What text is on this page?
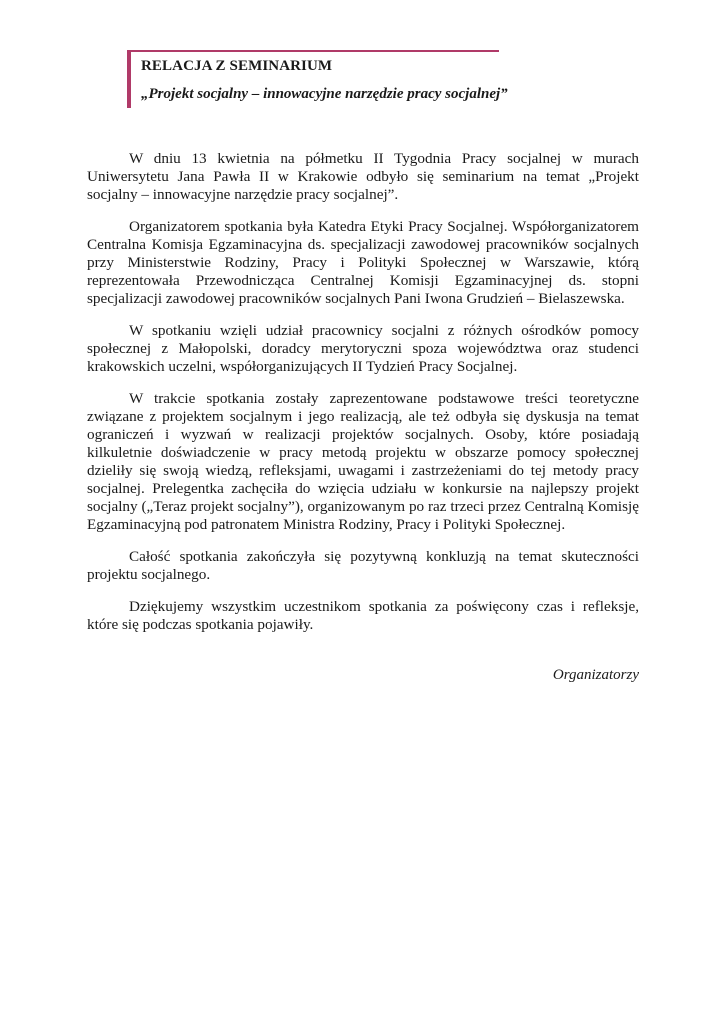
RELACJA Z SEMINARIUM
„Projekt socjalny – innowacyjne narzędzie pracy socjalnej”

W dniu 13 kwietnia na półmetku II Tygodnia Pracy socjalnej w murach Uniwersytetu Jana Pawła II w Krakowie odbyło się seminarium na temat „Projekt socjalny – innowacyjne narzędzie pracy socjalnej”.

Organizatorem spotkania była Katedra Etyki Pracy Socjalnej. Współorganizatorem Centralna Komisja Egzaminacyjna ds. specjalizacji zawodowej pracowników socjalnych przy Ministerstwie Rodziny, Pracy i Polityki Społecznej w Warszawie, którą reprezentowała Przewodnicząca Centralnej Komisji Egzaminacyjnej ds. stopni specjalizacji zawodowej pracowników socjalnych Pani Iwona Grudzień – Bielaszewska.

W spotkaniu wzięli udział pracownicy socjalni z różnych ośrodków pomocy społecznej z Małopolski, doradcy merytoryczni spoza województwa oraz studenci krakowskich uczelni, współorganizujących II Tydzień Pracy Socjalnej.

W trakcie spotkania zostały zaprezentowane podstawowe treści teoretyczne związane z projektem socjalnym i jego realizacją, ale też odbyła się dyskusja na temat ograniczeń i wyzwań w realizacji projektów socjalnych. Osoby, które posiadają kilkuletnie doświadczenie w pracy metodą projektu w obszarze pomocy społecznej dzieliły się swoją wiedzą, refleksjami, uwagami i zastrzeżeniami do tej metody pracy socjalnej. Prelegentka zachęciła do wzięcia udziału w konkursie na najlepszy projekt socjalny („Teraz projekt socjalny”), organizowanym po raz trzeci przez Centralną Komisję Egzaminacyjną pod patronatem Ministra Rodziny, Pracy i Polityki Społecznej.

Całość spotkania zakończyła się pozytywną konkluzją na temat skuteczności projektu socjalnego.

Dziękujemy wszystkim uczestnikom spotkania za poświęcony czas i refleksje, które się podczas spotkania pojawiły.

Organizatorzy
